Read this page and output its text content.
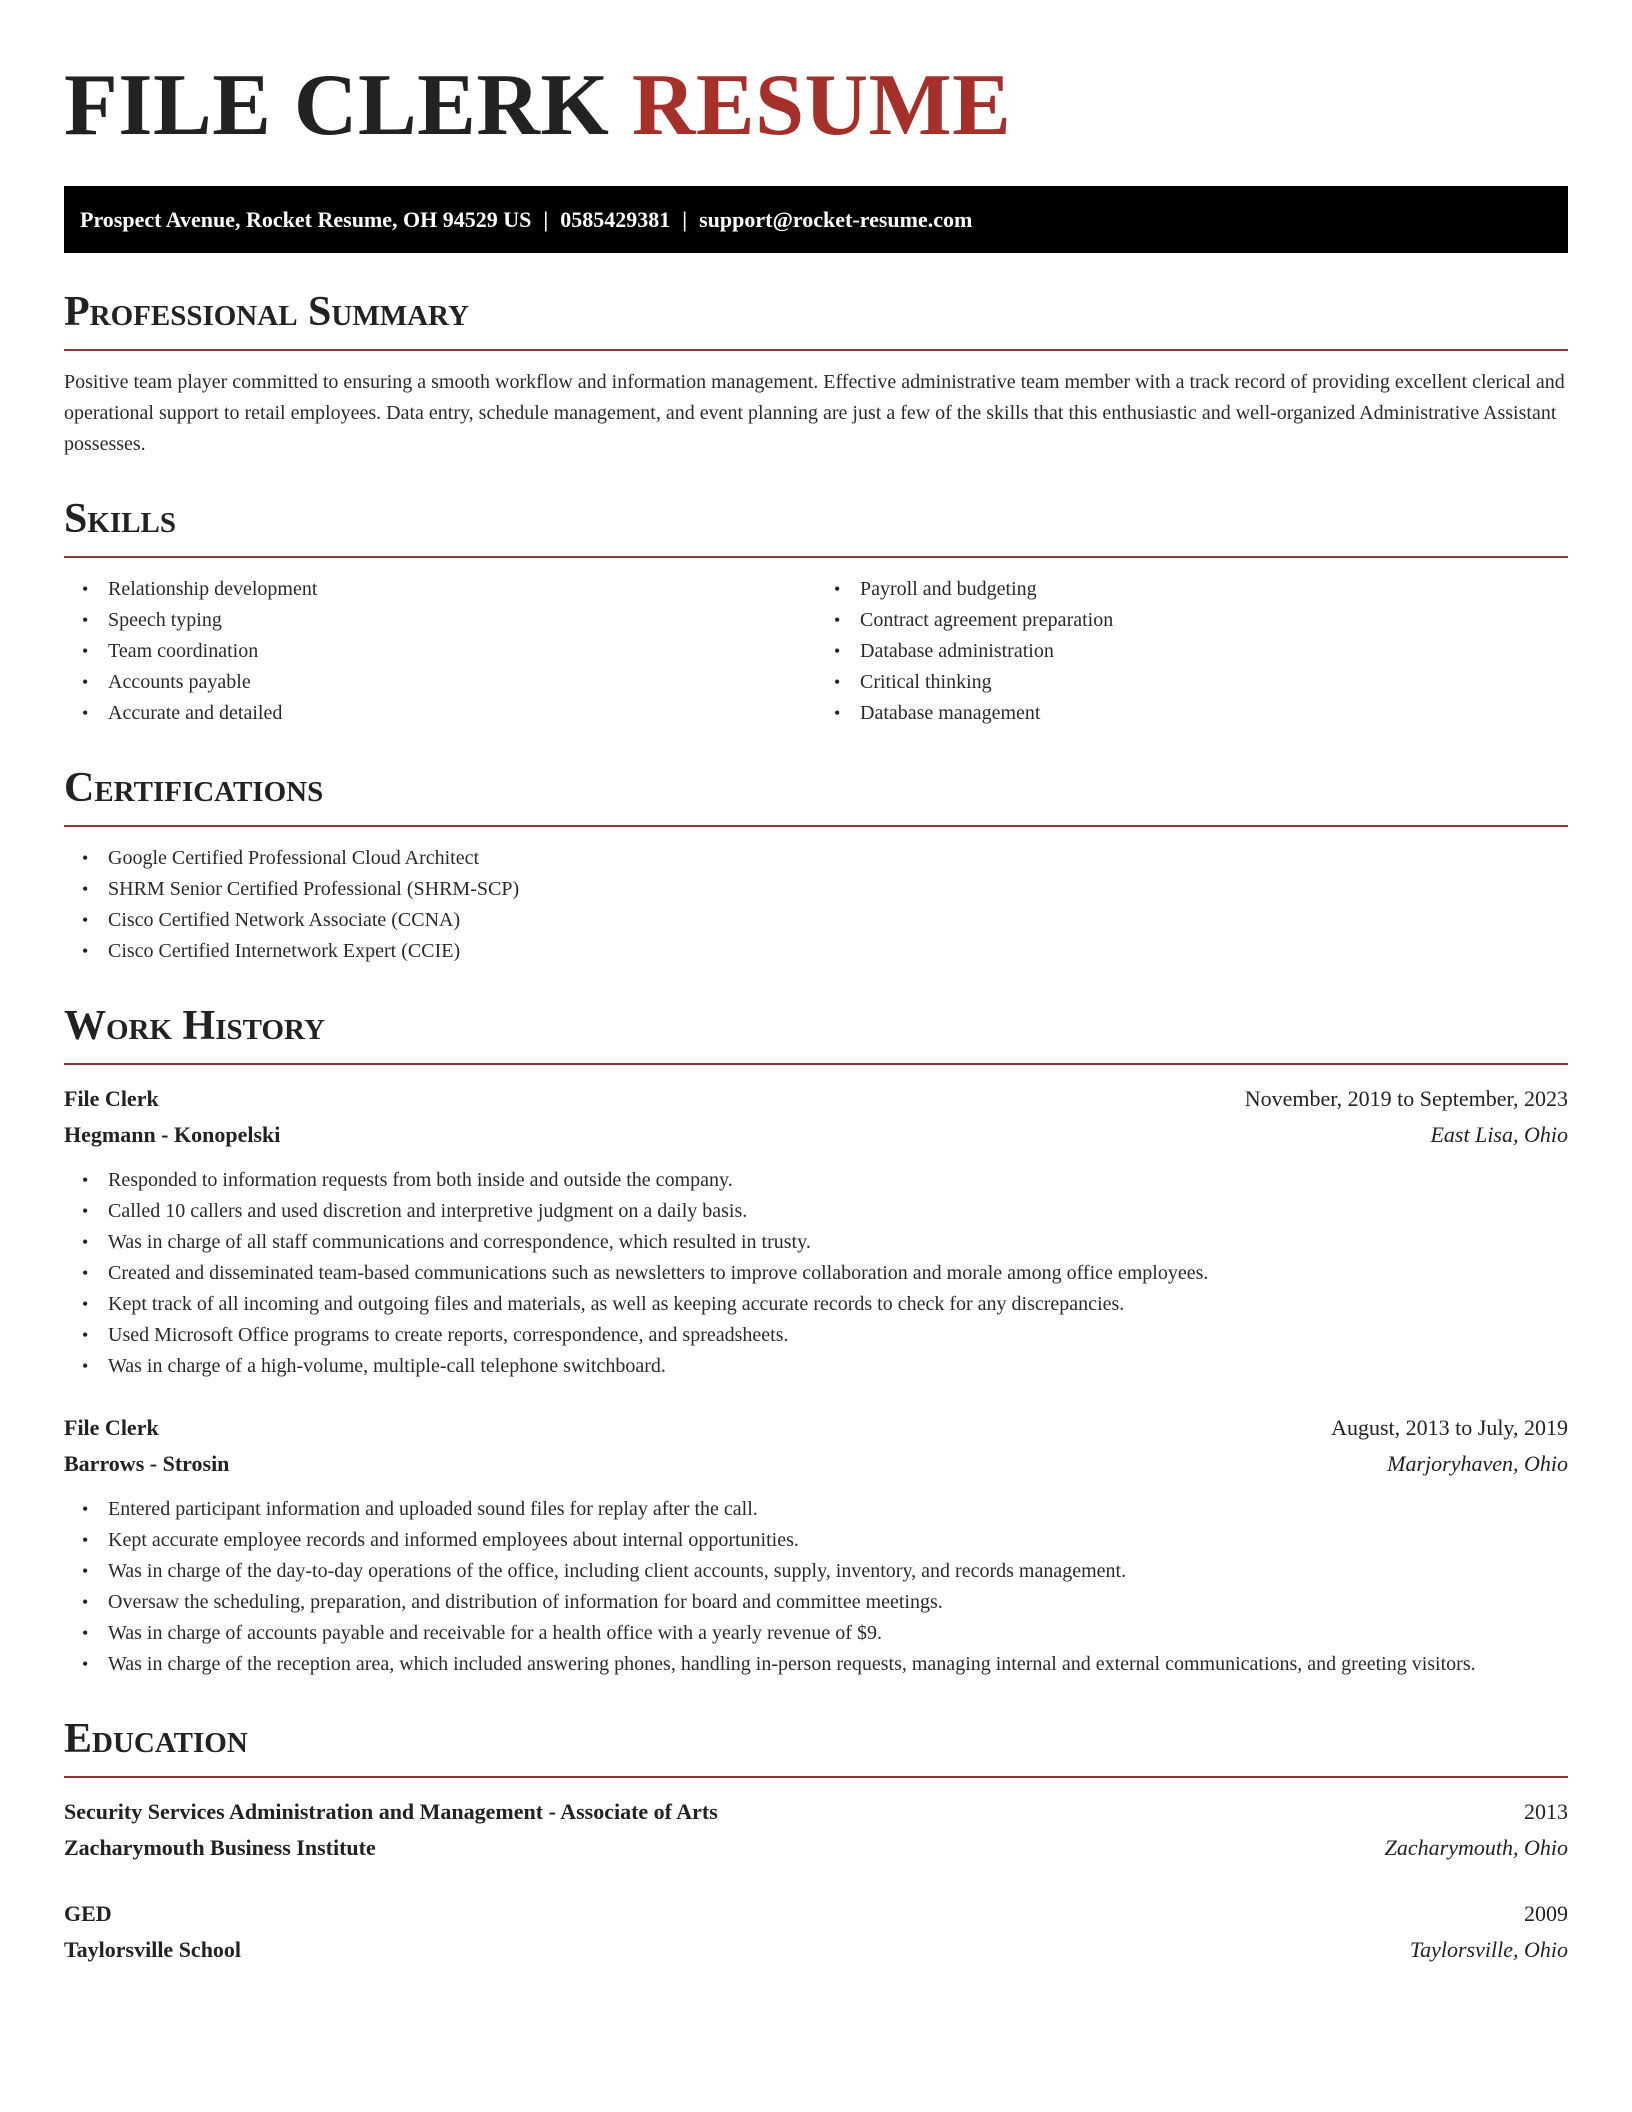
FILE CLERK RESUME
Prospect Avenue, Rocket Resume, OH 94529 US | 0585429381 | support@rocket-resume.com
Professional Summary

Positive team player committed to ensuring a smooth workflow and information management. Effective administrative team member with a track record of providing excellent clerical and operational support to retail employees. Data entry, schedule management, and event planning are just a few of the skills that this enthusiastic and well-organized Administrative Assistant possesses.

Skills
• Relationship development
• Speech typing
• Team coordination
• Accounts payable
• Accurate and detailed
• Payroll and budgeting
• Contract agreement preparation
• Database administration
• Critical thinking
• Database management
Certifications
• Google Certified Professional Cloud Architect
• SHRM Senior Certified Professional (SHRM-SCP)
• Cisco Certified Network Associate (CCNA)
• Cisco Certified Internetwork Expert (CCIE)
Work History
File Clerk	November, 2019 to September, 2023
Hegmann - Konopelski	East Lisa, Ohio
• Responded to information requests from both inside and outside the company.
• Called 10 callers and used discretion and interpretive judgment on a daily basis.
• Was in charge of all staff communications and correspondence, which resulted in trusty.
• Created and disseminated team-based communications such as newsletters to improve collaboration and morale among office employees.
• Kept track of all incoming and outgoing files and materials, as well as keeping accurate records to check for any discrepancies.
• Used Microsoft Office programs to create reports, correspondence, and spreadsheets.
• Was in charge of a high-volume, multiple-call telephone switchboard.
File Clerk	August, 2013 to July, 2019
Barrows - Strosin	Marjoryhaven, Ohio
• Entered participant information and uploaded sound files for replay after the call.
• Kept accurate employee records and informed employees about internal opportunities.
• Was in charge of the day-to-day operations of the office, including client accounts, supply, inventory, and records management.
• Oversaw the scheduling, preparation, and distribution of information for board and committee meetings.
• Was in charge of accounts payable and receivable for a health office with a yearly revenue of $9.
• Was in charge of the reception area, which included answering phones, handling in-person requests, managing internal and external communications, and greeting visitors.
Education
Security Services Administration and Management - Associate of Arts	2013
Zacharymouth Business Institute	Zacharymouth, Ohio
GED	2009
Taylorsville School	Taylorsville, Ohio
